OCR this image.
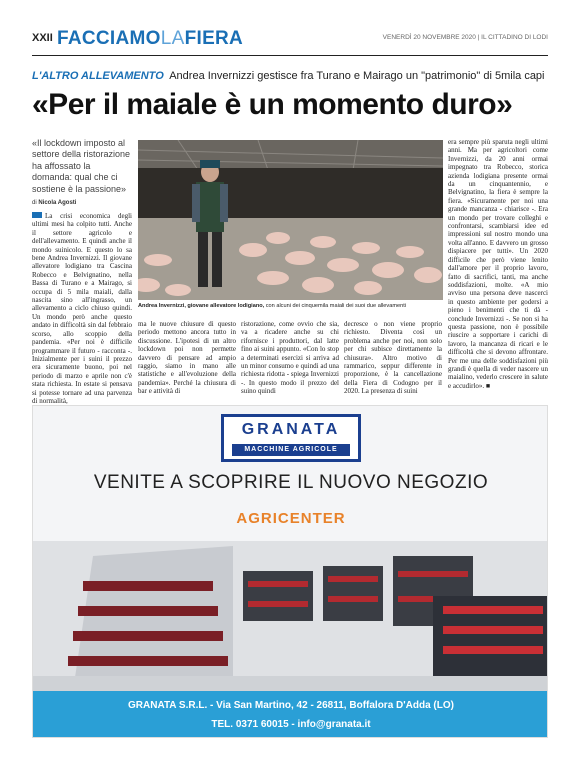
XXII FACCIAMOLAFIERA	VENERDÌ 20 NOVEMBRE 2020 | IL CITTADINO DI LODI
L'ALTRO ALLEVAMENTO Andrea Invernizzi gestisce fra Turano e Mairago un "patrimonio" di 5mila capi
«Per il maiale è un momento duro»
«Il lockdown imposto al settore della ristorazione ha affossato la domanda: qual che ci sostiene è la passione»
di Nicola Agosti
Andrea Invernizzi, giovane allevatore lodigiano, con alcuni dei cinquemila maiali dei suoi due allevamenti
La crisi economica degli ultimi mesi ha colpito tutti. Anche il settore agricolo e dell'allevamento. E quindi anche il mondo suinicolo. E questo lo sa bene Andrea Invernizzi. Il giovane allevatore lodigiano tra Cascina Robecco e Belvignatino, nella Bassa di Turano e a Mairago, si occupa di 5 mila maiali, dalla nascita sino all'ingrasso, un allevamento a ciclo chiuso quindi. Un mondo però anche questo andato in difficoltà sin dal febbraio scorso, allo scoppio della pandemia. «Per noi è difficile programmare il futuro - racconta -. Inizialmente per i suini il prezzo era sicuramente buono, poi nel periodo di marzo e aprile non c'è stata richiesta. In estate si pensava si potesse tornare ad una parvenza di normalità,
ma le nuove chiusure di questo periodo mettono ancora tutto in discussione. L'ipotesi di un altro lockdown poi non permette davvero di pensare ad ampio raggio, siamo in mano alle statistiche e all'evoluzione della pandemia». Perché la chiusura di bar e attività di
ristorazione, come ovvio che sia, va a ricadere anche su chi rifornisce i produttori, dal latte fino ai suini appunto. «Con lo stop a determinati esercizi si arriva ad un minor consumo e quindi ad una richiesta ridotta - spiega Invernizzi -. In questo modo il prezzo del suino quindi
decresce o non viene proprio richiesto. Diventa così un problema anche per noi, non solo per chi subisce direttamente la chiusura». Altro motivo di rammarico, seppur differente in proporzione, è la cancellazione della Fiera di Codogno per il 2020. La presenza di suini
era sempre più sparuta negli ultimi anni. Ma per agricoltori come Invernizzi, da 20 anni ormai impegnato tra Robecco, storica azienda lodigiana presente ormai da un cinquantennio, e Belvignatino, la fiera è sempre la fiera. «Sicuramente per noi una grande mancanza - chiarisce -. Era un mondo per trovare colleghi e confrontarsi, scambiarsi idee ed impressioni sul nostro mondo una volta all'anno. E davvero un grosso dispiacere per tutti». Un 2020 difficile che però viene lenito dall'amore per il proprio lavoro, fatto di sacrifici, tanti, ma anche soddisfazioni, molte. «A mio avviso una persona deve nascerci in questo ambiente per godersi a pieno i benimenti che ti dà - conclude Invernizzi -. Se non si ha questa passione, non è possibile riuscire a sopportare i carichi di lavoro, la mancanza di ricari e le difficoltà che si devono affrontare. Per me una delle soddisfazioni più grandi è quella di veder nascere un maialino, vederlo crescere in salute e accudirlo». ■
GRANATA
MACCHINE AGRICOLE
VENITE A SCOPRIRE IL NUOVO NEGOZIO
AGRICENTER
GRANATA S.R.L. - Via San Martino, 42 - 26811, Boffalora D'Adda (LO)
TEL. 0371 60015 - info@granata.it
